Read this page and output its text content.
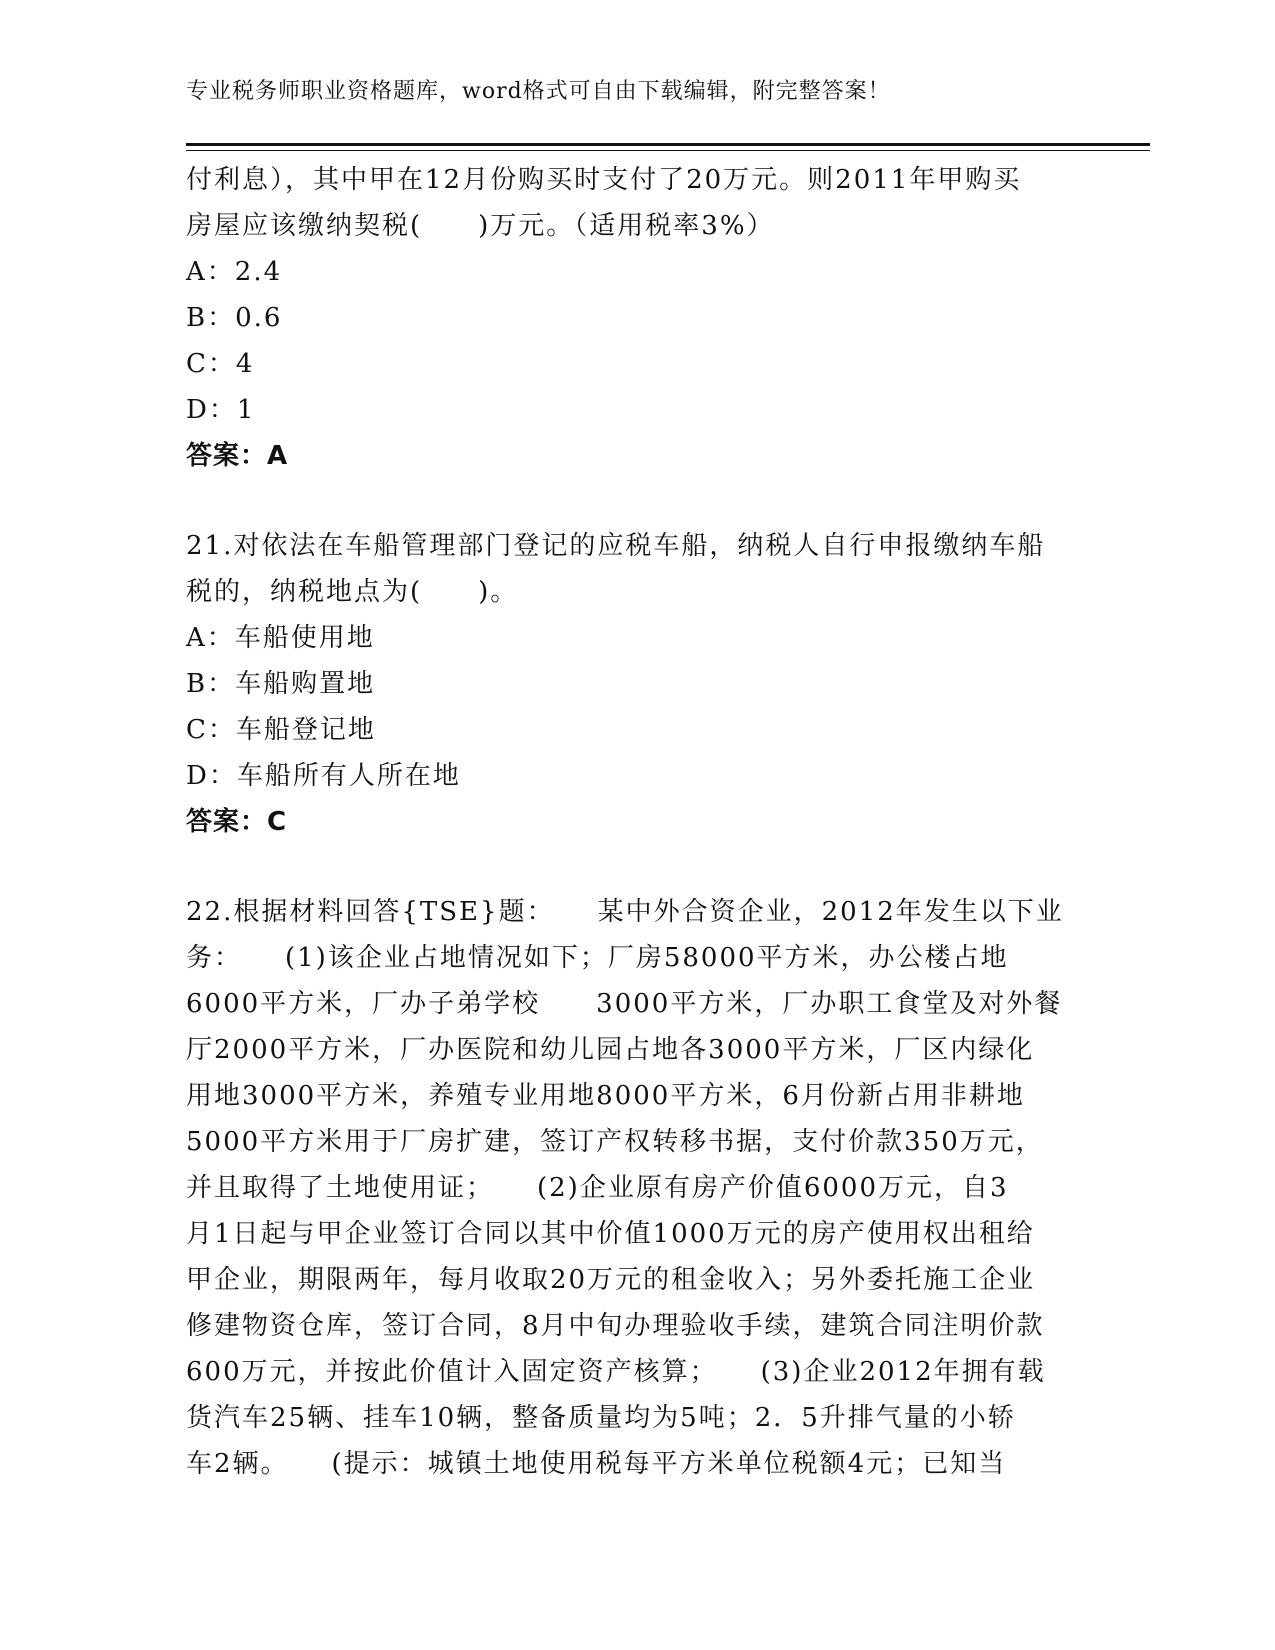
专业税务师职业资格题库，word格式可自由下载编辑，附完整答案！
付利息），其中甲在12月份购买时支付了20万元。则2011年甲购买
房屋应该缴纳契税(　　)万元。（适用税率3%）
A：2.4
B：0.6
C：4
D：1
答案：A
21.对依法在车船管理部门登记的应税车船，纳税人自行申报缴纳车船
税的，纳税地点为(　　)。
A：车船使用地
B：车船购置地
C：车船登记地
D：车船所有人所在地
答案：C
22.根据材料回答{TSE}题：　　某中外合资企业，2012年发生以下业
务：　　(1)该企业占地情况如下；厂房58000平方米，办公楼占地
6000平方米，厂办子弟学校　　3000平方米，厂办职工食堂及对外餐
厅2000平方米，厂办医院和幼儿园占地各3000平方米，厂区内绿化
用地3000平方米，养殖专业用地8000平方米，6月份新占用非耕地
5000平方米用于厂房扩建，签订产权转移书据，支付价款350万元，
并且取得了土地使用证；　　(2)企业原有房产价值6000万元，自3
月1日起与甲企业签订合同以其中价值1000万元的房产使用权出租给
甲企业，期限两年，每月收取20万元的租金收入；另外委托施工企业
修建物资仓库，签订合同，8月中旬办理验收手续，建筑合同注明价款
600万元，并按此价值计入固定资产核算；　　(3)企业2012年拥有载
货汽车25辆、挂车10辆，整备质量均为5吨；2．5升排气量的小轿
车2辆。　　(提示：城镇土地使用税每平方米单位税额4元；已知当
